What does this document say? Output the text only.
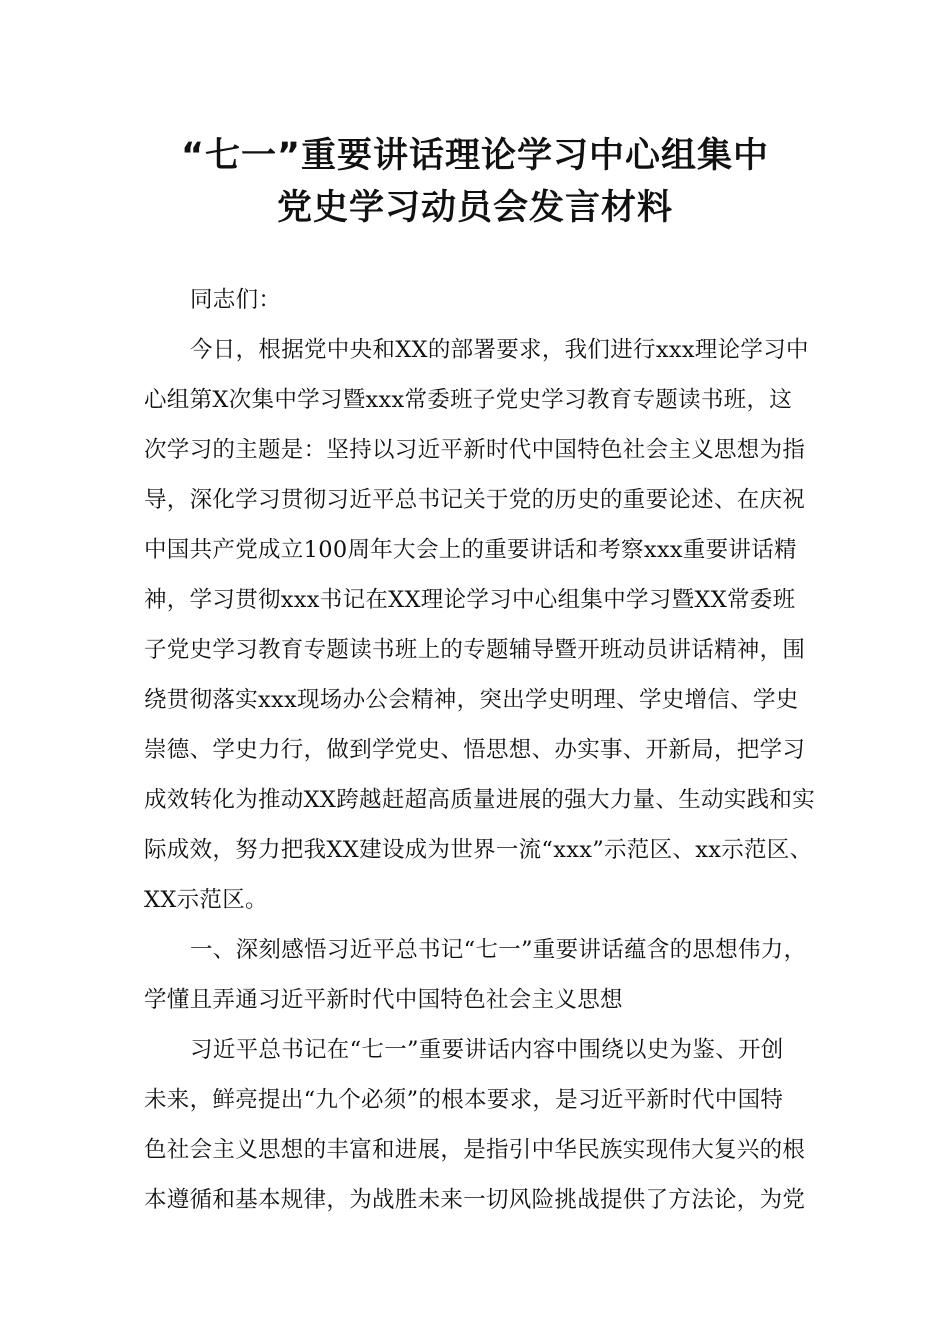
“七一”重要讲话理论学习中心组集中
党史学习动员会发言材料
同志们：
今日，根据党中央和XX的部署要求，我们进行xxx理论学习中
心组第X次集中学习暨xxx常委班子党史学习教育专题读书班，这
次学习的主题是：坚持以习近平新时代中国特色社会主义思想为指
导，深化学习贯彻习近平总书记关于党的历史的重要论述、在庆祝
中国共产党成立100周年大会上的重要讲话和考察xxx重要讲话精
神，学习贯彻xxx书记在XX理论学习中心组集中学习暨XX常委班
子党史学习教育专题读书班上的专题辅导暨开班动员讲话精神，围
绕贯彻落实xxx现场办公会精神，突出学史明理、学史增信、学史
崇德、学史力行，做到学党史、悟思想、办实事、开新局，把学习
成效转化为推动XX跨越赶超高质量进展的强大力量、生动实践和实
际成效，努力把我XX建设成为世界一流“xxx”示范区、xx示范区、
XX示范区。
一、深刻感悟习近平总书记“七一”重要讲话蕴含的思想伟力，
学懂且弄通习近平新时代中国特色社会主义思想
习近平总书记在“七一”重要讲话内容中围绕以史为鉴、开创
未来，鲜亮提出“九个必须”的根本要求，是习近平新时代中国特
色社会主义思想的丰富和进展，是指引中华民族实现伟大复兴的根
本遵循和基本规律，为战胜未来一切风险挑战提供了方法论，为党
